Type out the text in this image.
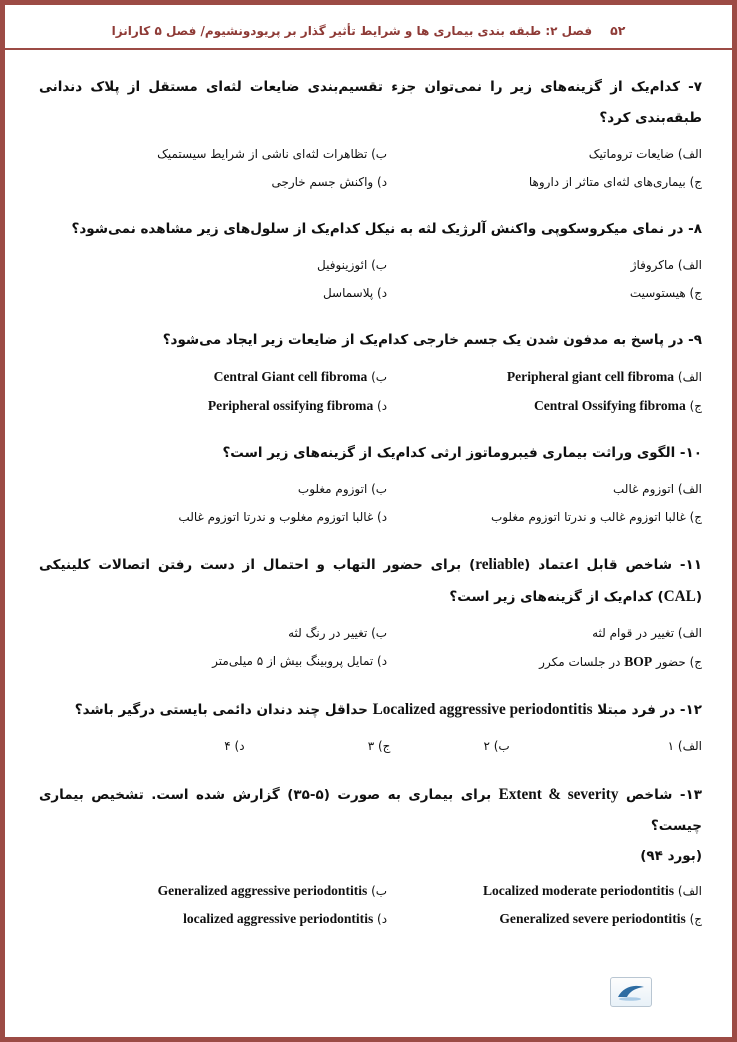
۵۲
فصل ۲: طبقه بندی بیماری ها و شرایط تأثیر گذار بر پریودونشیوم/ فصل ۵ کارانزا
۷- کدام‌یک از گزینه‌های زیر را نمی‌توان جزء تقسیم‌بندی ضایعات لثه‌ای مستقل از پلاک دندانی طبقه‌بندی کرد؟
الف) ضایعات تروماتیک
ب) تظاهرات لثه‌ای ناشی از شرایط سیستمیک
ج) بیماری‌های لثه‌ای متاثر از داروها
د) واکنش جسم خارجی
۸- در نمای میکروسکوپی واکنش آلرژیک لثه به نیکل کدام‌یک از سلول‌های زیر مشاهده نمی‌شود؟
الف) ماکروفاژ
ب) ائوزینوفیل
ج) هیستوسیت
د) پلاسماسل
۹- در پاسخ به مدفون شدن یک جسم خارجی کدام‌یک از ضایعات زیر ایجاد می‌شود؟
الف) Peripheral giant cell fibroma
ب) Central Giant cell fibroma
ج) Central Ossifying fibroma
د) Peripheral ossifying fibroma
۱۰- الگوی وراثت بیماری فیبروماتوز ارثی کدام‌یک از گزینه‌های زیر است؟
الف) اتوزوم غالب
ب) اتوزوم مغلوب
ج) غالبا اتوزوم غالب و ندرتا اتوزوم مغلوب
د) غالبا اتوزوم مغلوب و ندرتا اتوزوم غالب
۱۱- شاخص قابل اعتماد (reliable) برای حضور التهاب و احتمال از دست رفتن اتصالات کلینیکی (CAL) کدام‌یک از گزینه‌های زیر است؟
الف) تغییر در قوام لثه
ب) تغییر در رنگ لثه
ج) حضور BOP در جلسات مکرر
د) تمایل پروبینگ بیش از ۵ میلی‌متر
۱۲- در فرد مبتلا Localized aggressive periodontitis حداقل چند دندان دائمی بایستی درگیر باشد؟
الف) ۱
ب) ۲
ج) ۳
د) ۴
۱۳- شاخص Extent & severity برای بیماری به صورت ‭(۳۵-۵)‬ گزارش شده است. تشخیص بیماری چیست؟
(بورد ۹۴)
الف) Localized moderate periodontitis
ب) Generalized aggressive periodontitis
ج) Generalized severe periodontitis
د) localized aggressive periodontitis
